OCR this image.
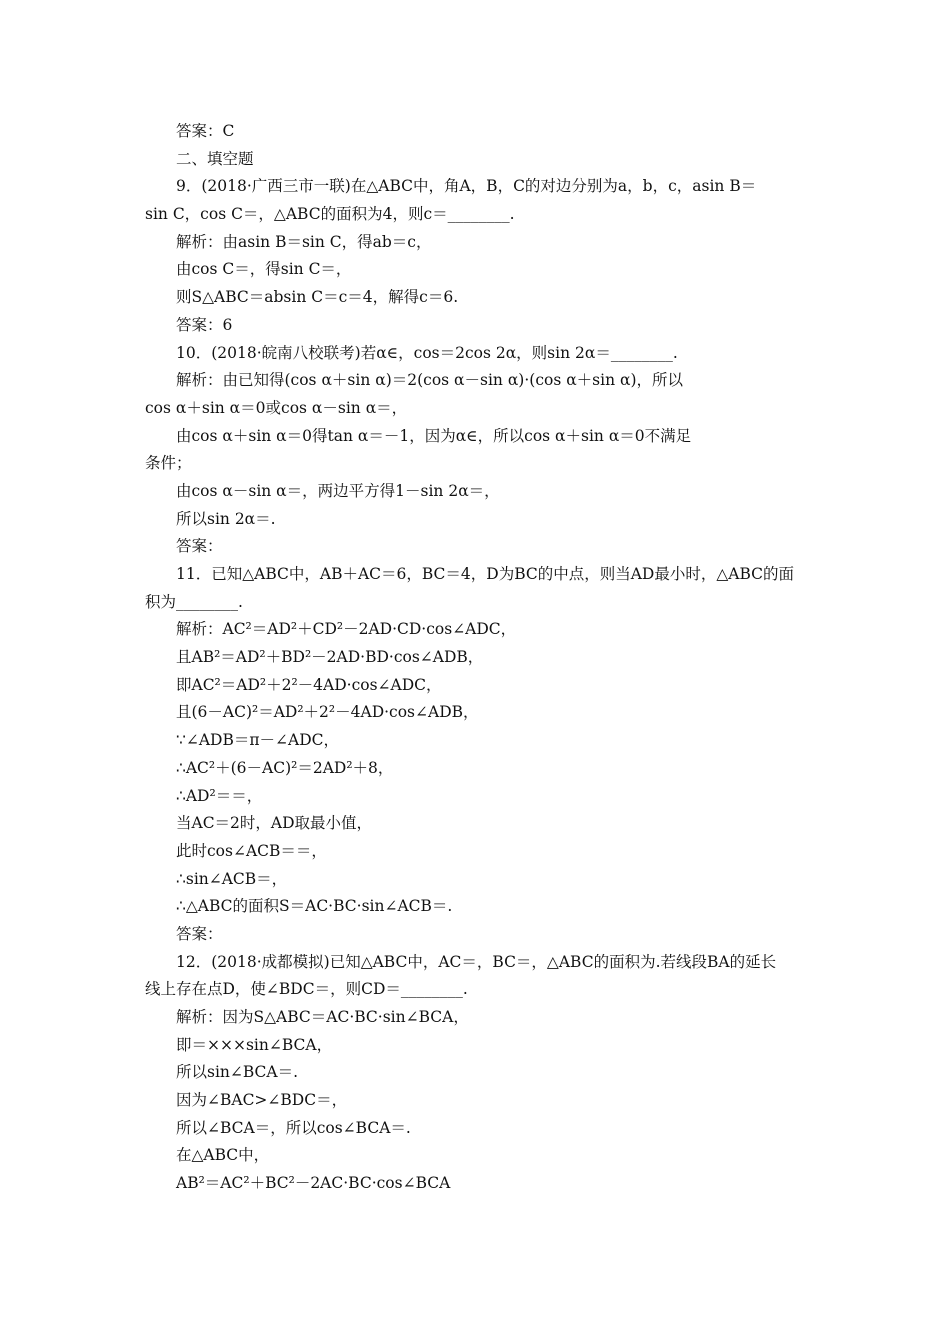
答案：C
二、填空题
9．(2018·广西三市一联)在△ABC中，角A，B，C的对边分别为a，b，c，asin B＝
sin C，cos C＝，△ABC的面积为4，则c＝________.
解析：由asin B＝sin C，得ab＝c，
由cos C＝，得sin C＝，
则S△ABC＝absin C＝c＝4，解得c＝6.
答案：6
10．(2018·皖南八校联考)若α∈，cos＝2cos 2α，则sin 2α＝________.
解析：由已知得(cos α＋sin α)＝2(cos α－sin α)·(cos α＋sin α)，所以
cos α＋sin α＝0或cos α－sin α＝，
由cos α＋sin α＝0得tan α＝－1，因为α∈，所以cos α＋sin α＝0不满足
条件；
由cos α－sin α＝，两边平方得1－sin 2α＝，
所以sin 2α＝.
答案：
11．已知△ABC中，AB＋AC＝6，BC＝4，D为BC的中点，则当AD最小时，△ABC的面
积为________.
解析：AC²＝AD²＋CD²－2AD·CD·cos∠ADC，
且AB²＝AD²＋BD²－2AD·BD·cos∠ADB，
即AC²＝AD²＋2²－4AD·cos∠ADC，
且(6－AC)²＝AD²＋2²－4AD·cos∠ADB，
∵∠ADB＝π－∠ADC，
∴AC²＋(6－AC)²＝2AD²＋8，
∴AD²＝＝，
当AC＝2时，AD取最小值，
此时cos∠ACB＝＝，
∴sin∠ACB＝，
∴△ABC的面积S＝AC·BC·sin∠ACB＝.
答案：
12．(2018·成都模拟)已知△ABC中，AC＝，BC＝，△ABC的面积为.若线段BA的延长
线上存在点D，使∠BDC＝，则CD＝________.
解析：因为S△ABC＝AC·BC·sin∠BCA，
即＝×××sin∠BCA，
所以sin∠BCA＝.
因为∠BAC>∠BDC＝，
所以∠BCA＝，所以cos∠BCA＝.
在△ABC中，
AB²＝AC²＋BC²－2AC·BC·cos∠BCA
